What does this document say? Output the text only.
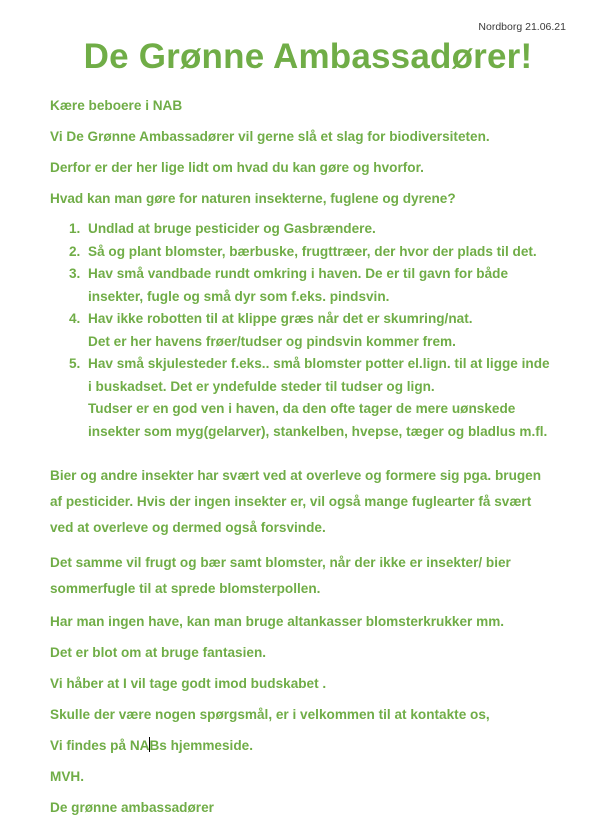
Nordborg 21.06.21
De Grønne Ambassadører!
Kære beboere i NAB
Vi De Grønne Ambassadører vil gerne slå et slag for biodiversiteten.
Derfor er der her lige lidt om hvad du kan gøre og hvorfor.
Hvad kan man gøre for naturen insekterne, fuglene og dyrene?
1. Undlad at bruge pesticider og Gasbrændere.
2. Så og plant blomster, bærbuske, frugttræer, der hvor der plads til det.
3. Hav små vandbade rundt omkring i haven. De er til gavn for både
insekter, fugle og små dyr som f.eks. pindsvin.
4. Hav ikke robotten til at klippe græs når det er skumring/nat.
Det er her havens frøer/tudser og pindsvin kommer frem.
5. Hav små skjulesteder f.eks.. små blomster potter el.lign. til at ligge inde
i buskadset. Det er yndefulde steder til tudser og lign.
Tudser er en god ven i haven, da den ofte tager de mere uønskede
insekter som myg(gelarver), stankelben, hvepse, tæger og bladlus m.fl.
Bier og andre insekter har svært ved at overleve og formere sig pga. brugen
af pesticider. Hvis der ingen insekter er, vil også mange fuglearter få svært
ved at overleve og dermed også forsvinde.
Det samme vil frugt og bær samt blomster, når der ikke er insekter/ bier
sommerfugle til at sprede blomsterpollen.
Har man ingen have, kan man bruge altankasser blomsterkrukker mm.
Det er blot om at bruge fantasien.
Vi håber at I vil tage godt imod budskabet .
Skulle der være nogen spørgsmål, er i velkommen til at kontakte os,
Vi findes på NABs hjemmeside.
MVH.
De grønne ambassadører
